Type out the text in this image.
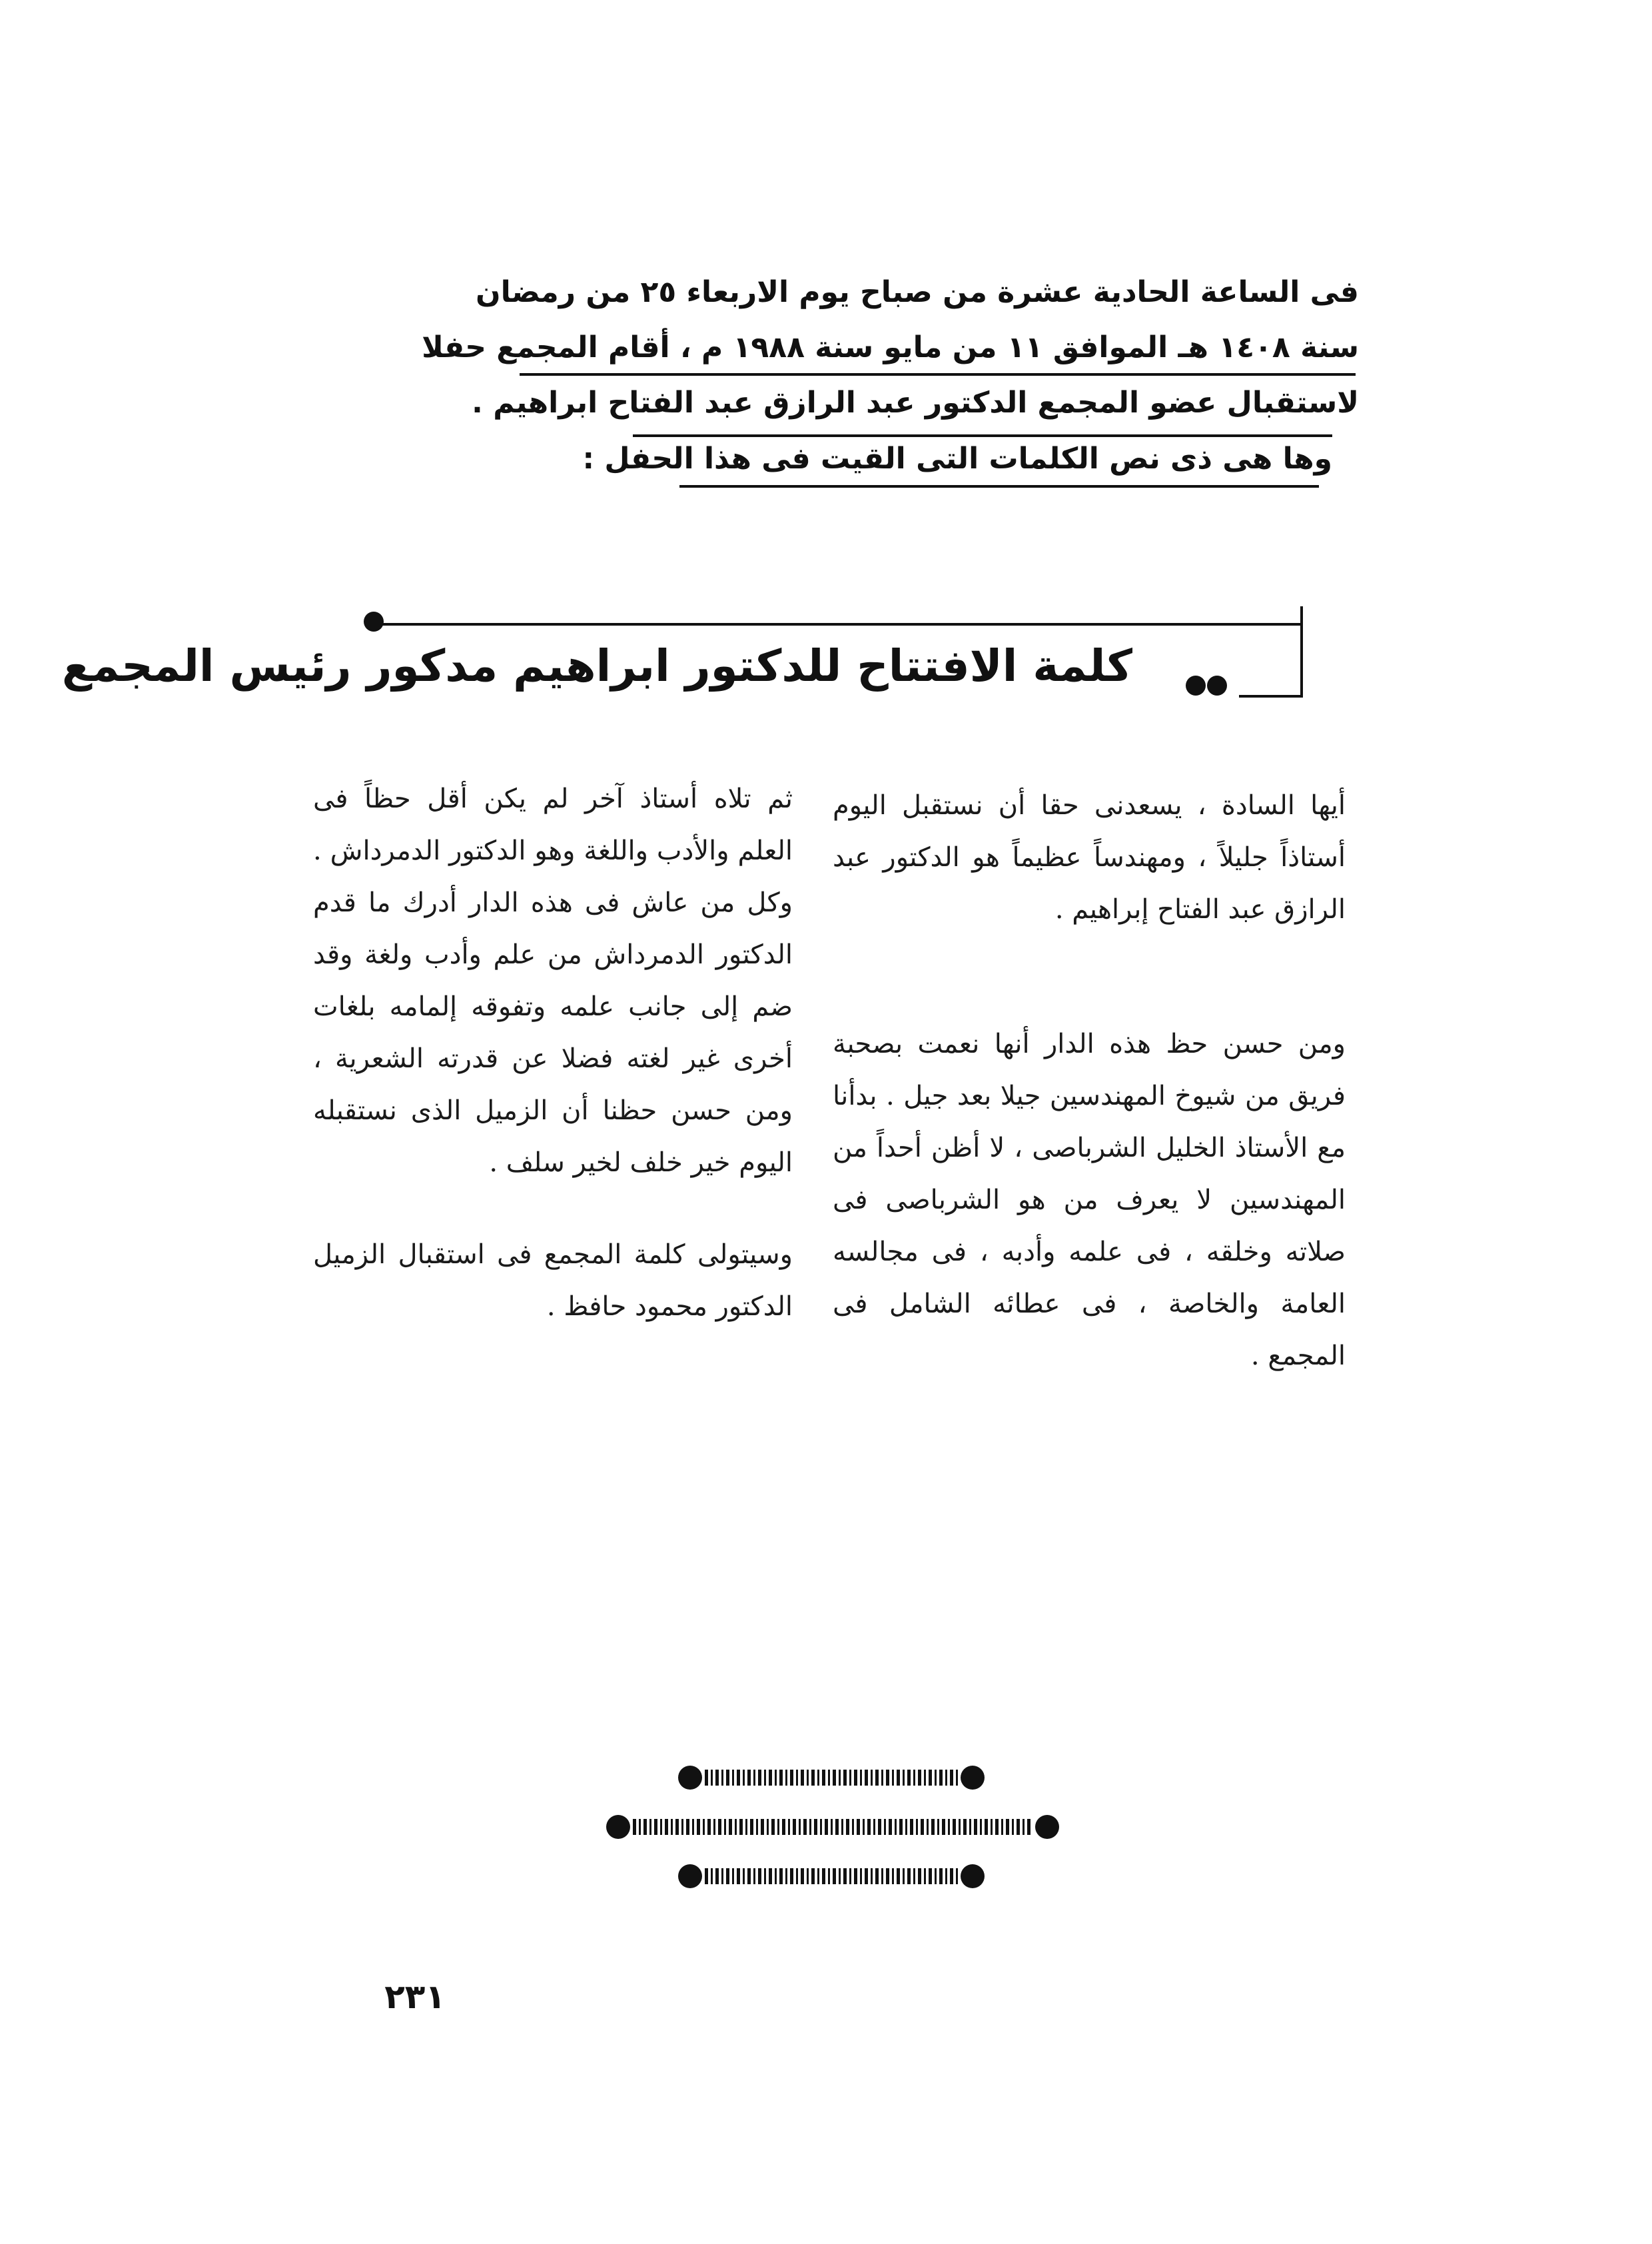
فى الساعة الحادية عشرة من صباح يوم الاربعاء ٢٥ من رمضان
سنة ١٤٠٨ هـ الموافق ١١ من مايو سنة ١٩٨٨ م ، أقام المجمع حفلا
لاستقبال عضو المجمع الدكتور عبد الرازق عبد الفتاح ابراهيم .
وها هى ذى نص الكلمات التى القيت فى هذا الحفل :
كلمة الافتتاح للدكتور ابراهيم مدكور رئيس المجمع

أيها السادة ، يسعدنى حقا أن نستقبل اليوم أستاذاً جليلاً ، ومهندساً عظيماً هو الدكتور عبد الرازق عبد الفتاح إبراهيم .

ومن حسن حظ هذه الدار أنها نعمت بصحبة فريق من شيوخ المهندسين جيلا بعد جيل . بدأنا مع الأستاذ الخليل الشرباصى ، لا أظن أحداً من المهندسين لا يعرف من هو الشرباصى فى صلاته وخلقه ، فى علمه وأدبه ، فى مجالسه العامة والخاصة ، فى عطائه الشامل فى المجمع .

ثم تلاه أستاذ آخر لم يكن أقل حظاً فى العلم والأدب واللغة وهو الدكتور الدمرداش . وكل من عاش فى هذه الدار أدرك ما قدم الدكتور الدمرداش من علم وأدب ولغة وقد ضم إلى جانب علمه وتفوقه إلمامه بلغات أخرى غير لغته فضلا عن قدرته الشعرية ، ومن حسن حظنا أن الزميل الذى نستقبله اليوم خير خلف لخير سلف .

وسيتولى كلمة المجمع فى استقبال الزميل الدكتور محمود حافظ .

٢٣١
